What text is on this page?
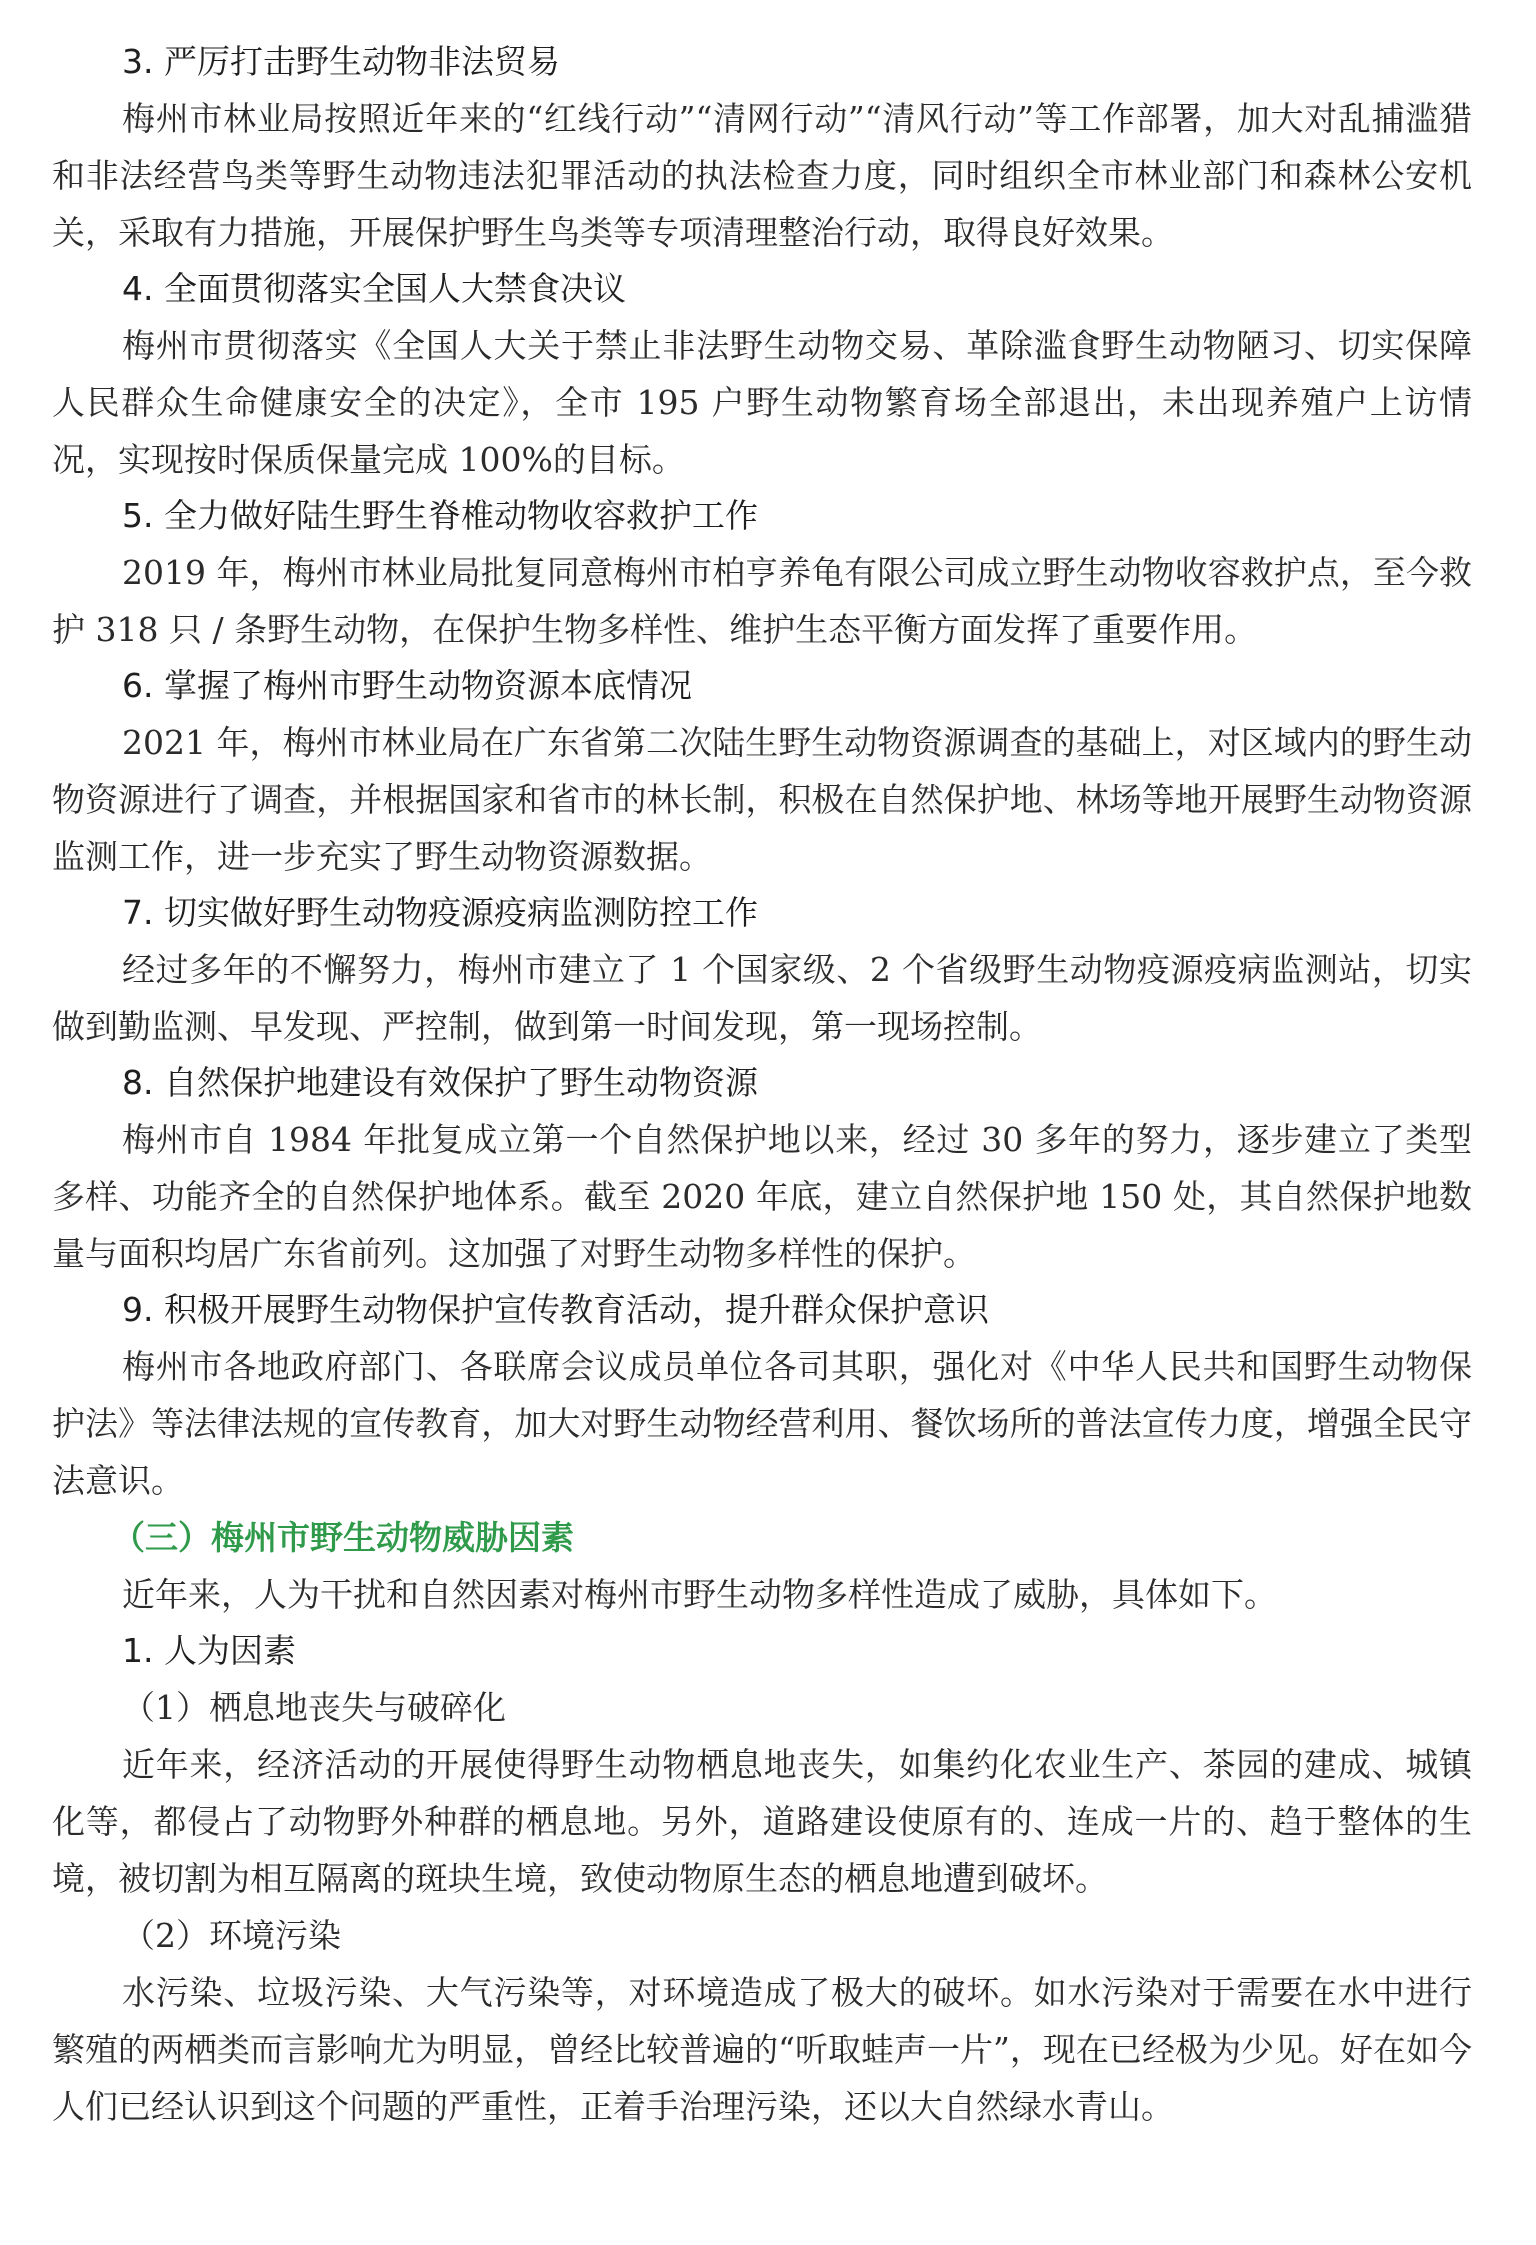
3. 严厉打击野生动物非法贸易
梅州市林业局按照近年来的“红线行动”“清网行动”“清风行动”等工作部署，加大对乱捕滥猎和非法经营鸟类等野生动物违法犯罪活动的执法检查力度，同时组织全市林业部门和森林公安机关，采取有力措施，开展保护野生鸟类等专项清理整治行动，取得良好效果。
4. 全面贯彻落实全国人大禁食决议
梅州市贯彻落实《全国人大关于禁止非法野生动物交易、革除滥食野生动物陋习、切实保障人民群众生命健康安全的决定》，全市 195 户野生动物繁育场全部退出，未出现养殖户上访情况，实现按时保质保量完成 100%的目标。
5. 全力做好陆生野生脊椎动物收容救护工作
2019 年，梅州市林业局批复同意梅州市柏亨养龟有限公司成立野生动物收容救护点，至今救护 318 只 / 条野生动物，在保护生物多样性、维护生态平衡方面发挥了重要作用。
6. 掌握了梅州市野生动物资源本底情况
2021 年，梅州市林业局在广东省第二次陆生野生动物资源调查的基础上，对区域内的野生动物资源进行了调查，并根据国家和省市的林长制，积极在自然保护地、林场等地开展野生动物资源监测工作，进一步充实了野生动物资源数据。
7. 切实做好野生动物疫源疫病监测防控工作
经过多年的不懈努力，梅州市建立了 1 个国家级、2 个省级野生动物疫源疫病监测站，切实做到勤监测、早发现、严控制，做到第一时间发现，第一现场控制。
8. 自然保护地建设有效保护了野生动物资源
梅州市自 1984 年批复成立第一个自然保护地以来，经过 30 多年的努力，逐步建立了类型多样、功能齐全的自然保护地体系。截至 2020 年底，建立自然保护地 150 处，其自然保护地数量与面积均居广东省前列。这加强了对野生动物多样性的保护。
9. 积极开展野生动物保护宣传教育活动，提升群众保护意识
梅州市各地政府部门、各联席会议成员单位各司其职，强化对《中华人民共和国野生动物保护法》等法律法规的宣传教育，加大对野生动物经营利用、餐饮场所的普法宣传力度，增强全民守法意识。
（三）梅州市野生动物威胁因素
近年来，人为干扰和自然因素对梅州市野生动物多样性造成了威胁，具体如下。
1. 人为因素
（1）栖息地丧失与破碎化
近年来，经济活动的开展使得野生动物栖息地丧失，如集约化农业生产、茶园的建成、城镇化等，都侵占了动物野外种群的栖息地。另外，道路建设使原有的、连成一片的、趋于整体的生境，被切割为相互隔离的斑块生境，致使动物原生态的栖息地遭到破坏。
（2）环境污染
水污染、垃圾污染、大气污染等，对环境造成了极大的破坏。如水污染对于需要在水中进行繁殖的两栖类而言影响尤为明显，曾经比较普遍的“听取蛙声一片”，现在已经极为少见。好在如今人们已经认识到这个问题的严重性，正着手治理污染，还以大自然绿水青山。
